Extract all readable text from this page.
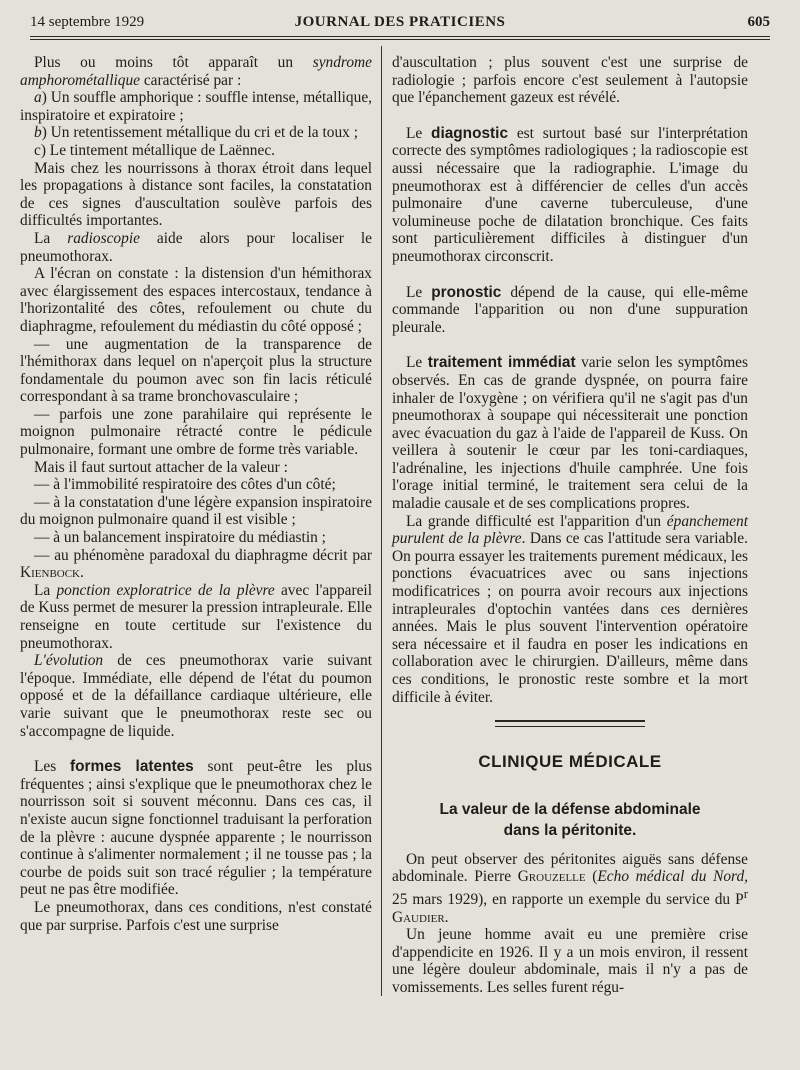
14 septembre 1929	JOURNAL DES PRATICIENS	605

Plus ou moins tôt apparaît un syndrome amphorométallique caractérisé par :

a) Un souffle amphorique : souffle intense, métallique, inspiratoire et expiratoire ;

b) Un retentissement métallique du cri et de la toux ;

c) Le tintement métallique de Laënnec.

Mais chez les nourrissons à thorax étroit dans lequel les propagations à distance sont faciles, la constatation de ces signes d'auscultation soulève parfois des difficultés importantes.

La radioscopie aide alors pour localiser le pneumothorax.

A l'écran on constate : la distension d'un hémithorax avec élargissement des espaces intercostaux, tendance à l'horizontalité des côtes, refoulement ou chute du diaphragme, refoulement du médiastin du côté opposé ;

— une augmentation de la transparence de l'hémithorax dans lequel on n'aperçoit plus la structure fondamentale du poumon avec son fin lacis réticulé correspondant à sa trame bronchovasculaire ;

— parfois une zone parahilaire qui représente le moignon pulmonaire rétracté contre le pédicule pulmonaire, formant une ombre de forme très variable.

Mais il faut surtout attacher de la valeur :

— à l'immobilité respiratoire des côtes d'un côté;

— à la constatation d'une légère expansion inspiratoire du moignon pulmonaire quand il est visible ;

— à un balancement inspiratoire du médiastin ;

— au phénomène paradoxal du diaphragme décrit par Kienbock.

La ponction exploratrice de la plèvre avec l'appareil de Kuss permet de mesurer la pression intrapleurale. Elle renseigne en toute certitude sur l'existence du pneumothorax.

L'évolution de ces pneumothorax varie suivant l'époque. Immédiate, elle dépend de l'état du poumon opposé et de la défaillance cardiaque ultérieure, elle varie suivant que le pneumothorax reste sec ou s'accompagne de liquide.

Les formes latentes sont peut-être les plus fréquentes ; ainsi s'explique que le pneumothorax chez le nourrisson soit si souvent méconnu. Dans ces cas, il n'existe aucun signe fonctionnel traduisant la perforation de la plèvre : aucune dyspnée apparente ; le nourrisson continue à s'alimenter normalement ; il ne tousse pas ; la courbe de poids suit son tracé régulier ; la température peut ne pas être modifiée.

Le pneumothorax, dans ces conditions, n'est constaté que par surprise. Parfois c'est une surprise

d'auscultation ; plus souvent c'est une surprise de radiologie ; parfois encore c'est seulement à l'autopsie que l'épanchement gazeux est révélé.

Le diagnostic est surtout basé sur l'interprétation correcte des symptômes radiologiques ; la radioscopie est aussi nécessaire que la radiographie. L'image du pneumothorax est à différencier de celles d'un accès pulmonaire d'une caverne tuberculeuse, d'une volumineuse poche de dilatation bronchique. Ces faits sont particulièrement difficiles à distinguer d'un pneumothorax circonscrit.

Le pronostic dépend de la cause, qui elle-même commande l'apparition ou non d'une suppuration pleurale.

Le traitement immédiat varie selon les symptômes observés. En cas de grande dyspnée, on pourra faire inhaler de l'oxygène ; on vérifiera qu'il ne s'agit pas d'un pneumothorax à soupape qui nécessiterait une ponction avec évacuation du gaz à l'aide de l'appareil de Kuss. On veillera à soutenir le cœur par les toni-cardiaques, l'adrénaline, les injections d'huile camphrée. Une fois l'orage initial terminé, le traitement sera celui de la maladie causale et de ses complications propres.

La grande difficulté est l'apparition d'un épanchement purulent de la plèvre. Dans ce cas l'attitude sera variable. On pourra essayer les traitements purement médicaux, les ponctions évacuatrices avec ou sans injections modificatrices ; on pourra avoir recours aux injections intrapleurales d'optochin vantées dans ces dernières années. Mais le plus souvent l'intervention opératoire sera nécessaire et il faudra en poser les indications en collaboration avec le chirurgien. D'ailleurs, même dans ces conditions, le pronostic reste sombre et la mort difficile à éviter.

CLINIQUE MÉDICALE
La valeur de la défense abdominale
dans la péritonite.

On peut observer des péritonites aiguës sans défense abdominale. Pierre Grouzelle (Echo médical du Nord, 25 mars 1929), en rapporte un exemple du service du $P^r$ Gaudier.

Un jeune homme avait eu une première crise d'appendicite en 1926. Il y a un mois environ, il ressent une légère douleur abdominale, mais il n'y a pas de vomissements. Les selles furent régu-
